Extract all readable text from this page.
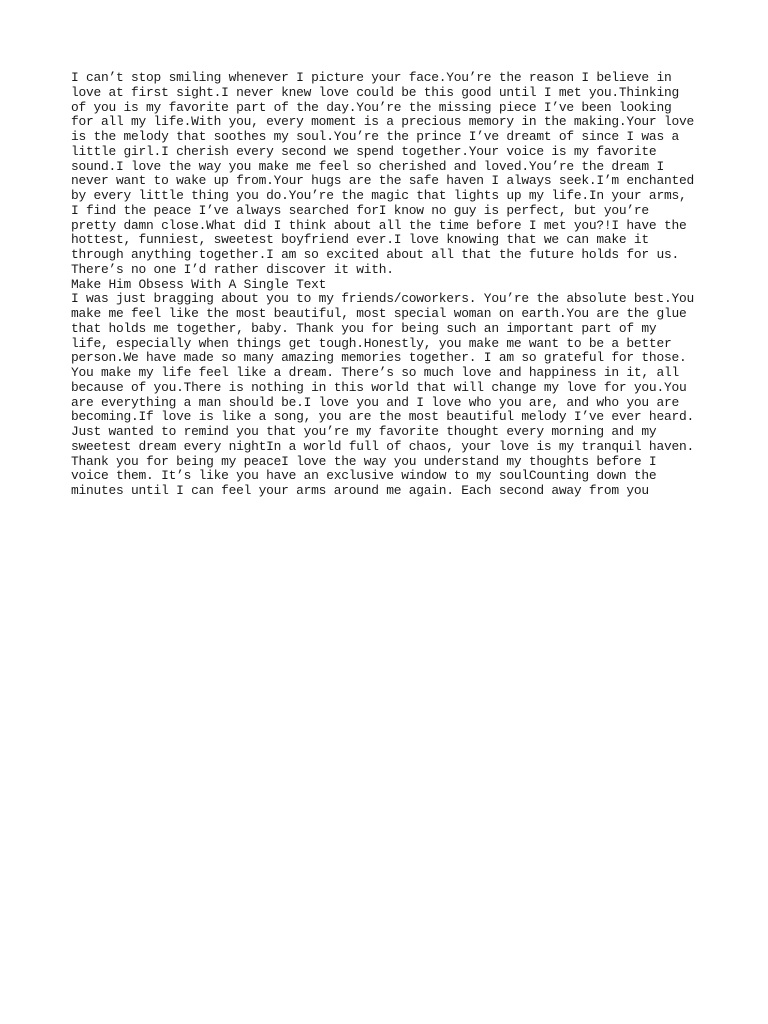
I can’t stop smiling whenever I picture your face.You’re the reason I believe in
love at first sight.I never knew love could be this good until I met you.Thinking
of you is my favorite part of the day.You’re the missing piece I’ve been looking
for all my life.With you, every moment is a precious memory in the making.Your love
is the melody that soothes my soul.You’re the prince I’ve dreamt of since I was a
little girl.I cherish every second we spend together.Your voice is my favorite
sound.I love the way you make me feel so cherished and loved.You’re the dream I
never want to wake up from.Your hugs are the safe haven I always seek.I’m enchanted
by every little thing you do.You’re the magic that lights up my life.In your arms,
I find the peace I’ve always searched forI know no guy is perfect, but you’re
pretty damn close.What did I think about all the time before I met you?!I have the
hottest, funniest, sweetest boyfriend ever.I love knowing that we can make it
through anything together.I am so excited about all that the future holds for us.
There’s no one I’d rather discover it with.
Make Him Obsess With A Single Text
I was just bragging about you to my friends/coworkers. You’re the absolute best.You
make me feel like the most beautiful, most special woman on earth.You are the glue
that holds me together, baby. Thank you for being such an important part of my
life, especially when things get tough.Honestly, you make me want to be a better
person.We have made so many amazing memories together. I am so grateful for those.
You make my life feel like a dream. There’s so much love and happiness in it, all
because of you.There is nothing in this world that will change my love for you.You
are everything a man should be.I love you and I love who you are, and who you are
becoming.If love is like a song, you are the most beautiful melody I’ve ever heard.
Just wanted to remind you that you’re my favorite thought every morning and my
sweetest dream every nightIn a world full of chaos, your love is my tranquil haven.
Thank you for being my peaceI love the way you understand my thoughts before I
voice them. It’s like you have an exclusive window to my soulCounting down the
minutes until I can feel your arms around me again. Each second away from you
